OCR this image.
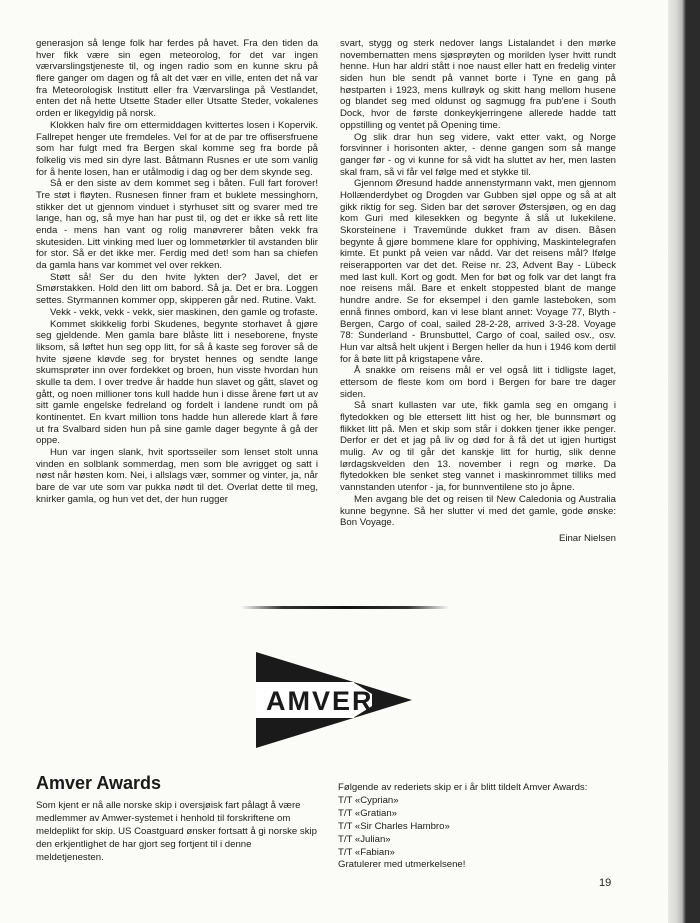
generasjon så lenge folk har ferdes på havet. Fra den tiden da hver fikk være sin egen meteorolog, for det var ingen værvarslingstjeneste til, og ingen radio som en kunne skru på flere ganger om dagen og få alt det vær en ville, enten det nå var fra Meteorologisk Institutt eller fra Værvarslinga på Vestlandet, enten det nå hette Utsette Stader eller Utsatte Steder, vokalenes orden er likegyldig på norsk.

Klokken halv fire om ettermiddagen kvittertes losen i Kopervik. Fallrepet henger ute fremdeles. Vel for at de par tre offisersfruene som har fulgt med fra Bergen skal komme seg fra borde på folkelig vis med sin dyre last. Båtmann Rusnes er ute som vanlig for å hente losen, han er utålmodig i dag og ber dem skynde seg.

Så er den siste av dem kommet seg i båten. Full fart forover! Tre støt i fløyten. Rusnesen finner fram et buklete messinghorn, stikker det ut gjennom vinduet i styrhuset sitt og svarer med tre lange, han og, så mye han har pust til, og det er ikke så rett lite enda - mens han vant og rolig manøvrerer båten vekk fra skutesiden. Litt vinking med luer og lommetørkler til avstanden blir for stor. Så er det ikke mer. Ferdig med det! som han sa chiefen da gamla hans var kommet vel over rekken.

Støtt så! Ser du den hvite lykten der? Javel, det er Smørstakken. Hold den litt om babord. Så ja. Det er bra. Loggen settes. Styrmannen kommer opp, skipperen går ned. Rutine. Vakt.

Vekk - vekk, vekk - vekk, sier maskinen, den gamle og trofaste.

Kommet skikkelig forbi Skudenes, begynte storhavet å gjøre seg gjeldende. Men gamla bare blåste litt i neseborene, fnyste liksom, så løftet hun seg opp litt, for så å kaste seg forover så de hvite sjøene kløvde seg for brystet hennes og sendte lange skumsprøter inn over fordekket og broen, hun visste hvordan hun skulle ta dem. I over tredve år hadde hun slavet og gått, slavet og gått, og noen millioner tons kull hadde hun i disse årene ført ut av sitt gamle engelske fedreland og fordelt i landene rundt om på kontinentet. En kvart million tons hadde hun allerede klart å føre ut fra Svalbard siden hun på sine gamle dager begynte å gå der oppe.

Hun var ingen slank, hvit sportsseiler som lenset stolt unna vinden en solblank sommerdag, men som ble avrigget og satt i nøst når høsten kom. Nei, i allslags vær, sommer og vinter, ja, når bare de var ute som var pukka nødt til det. Overlat dette til meg, knirker gamla, og hun vet det, der hun rugger

svart, stygg og sterk nedover langs Listalandet i den mørke novembernatten mens sjøsprøyten og morilden lyser hvitt rundt henne. Hun har aldri stått i noe naust eller hatt en fredelig vinter siden hun ble sendt på vannet borte i Tyne en gang på høstparten i 1923, mens kullrøyk og skitt hang mellom husene og blandet seg med oldunst og sagmugg fra pub'ene i South Dock, hvor de første donkeykjerringene allerede hadde tatt oppstilling og ventet på Opening time.

Og slik drar hun seg videre, vakt etter vakt, og Norge forsvinner i horisonten akter, - denne gangen som så mange ganger før - og vi kunne for så vidt ha sluttet av her, men lasten skal fram, så vi får vel følge med et stykke til.

Gjennom Øresund hadde annenstyrmann vakt, men gjennom Hollænderdybet og Drogden var Gubben sjøl oppe og så at alt gikk riktig for seg. Siden bar det sørover Østersjøen, og en dag kom Guri med kilesekken og begynte å slå ut lukekilene. Skorsteinene i Travemünde dukket fram av disen. Båsen begynte å gjøre bommene klare for opphiving, Maskintelegrafen kimte. Et punkt på veien var nådd. Var det reisens mål? Ifølge reiserapporten var det det. Reise nr. 23, Advent Bay - Lübeck med last kull. Kort og godt. Men for bøt og folk var det langt fra noe reisens mål. Bare et enkelt stoppested blant de mange hundre andre. Se for eksempel i den gamle lasteboken, som ennå finnes ombord, kan vi lese blant annet: Voyage 77, Blyth - Bergen, Cargo of coal, sailed 28-2-28, arrived 3-3-28. Voyage 78: Sunderland - Brunsbuttel, Cargo of coal, sailed osv., osv. Hun var altså helt ukjent i Bergen heller da hun i 1946 kom dertil for å bøte litt på krigstapene våre.

Å snakke om reisens mål er vel også litt i tidligste laget, ettersom de fleste kom om bord i Bergen for bare tre dager siden.

Så snart kullasten var ute, fikk gamla seg en omgang i flytedokken og ble ettersett litt hist og her, ble bunnsmørt og flikket litt på. Men et skip som står i dokken tjener ikke penger. Derfor er det et jag på liv og død for å få det ut igjen hurtigst mulig. Av og til går det kanskje litt for hurtig, slik denne lørdagskvelden den 13. november i regn og mørke. Da flytedokken ble senket steg vannet i maskinrommet tilliks med vannstanden utenfor - ja, for bunnventilene sto jo åpne.

Men avgang ble det og reisen til New Caledonia og Australia kunne begynne. Så her slutter vi med det gamle, gode ønske: Bon Voyage.

Einar Nielsen
AMVER
Amver Awards
Som kjent er nå alle norske skip i oversjøisk fart pålagt å være medlemmer av Amwer-systemet i henhold til forskriftene om meldeplikt for skip. US Coastguard ønsker fortsatt å gi norske skip den erkjentlighet de har gjort seg fortjent til i denne meldetjenesten.
Følgende av rederiets skip er i år blitt tildelt Amver Awards:
T/T «Cyprian»
T/T «Gratian»
T/T «Sir Charles Hambro»
T/T «Julian»
T/T «Fabian»
Gratulerer med utmerkelsene!
19
